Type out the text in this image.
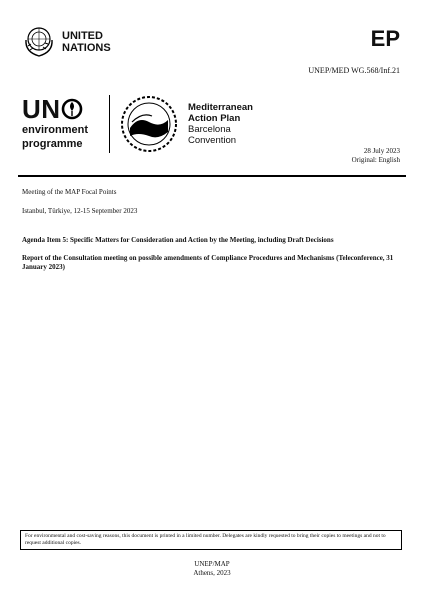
UNITED
NATIONS	EP
UNEP/MED WG.568/Inf.21
UN
environment
programme
Mediterranean
Action Plan
Barcelona
Convention
28 July 2023
Original: English
Meeting of the MAP Focal Points
Istanbul, Türkiye, 12-15 September 2023
Agenda Item 5: Specific Matters for Consideration and Action by the Meeting, including Draft Decisions
Report of the Consultation meeting on possible amendments of Compliance Procedures and Mechanisms (Teleconference, 31 January 2023)
For environmental and cost-saving reasons, this document is printed in a limited number. Delegates are kindly requested to bring their copies to meetings and not to request additional copies.
UNEP/MAP
Athens, 2023
